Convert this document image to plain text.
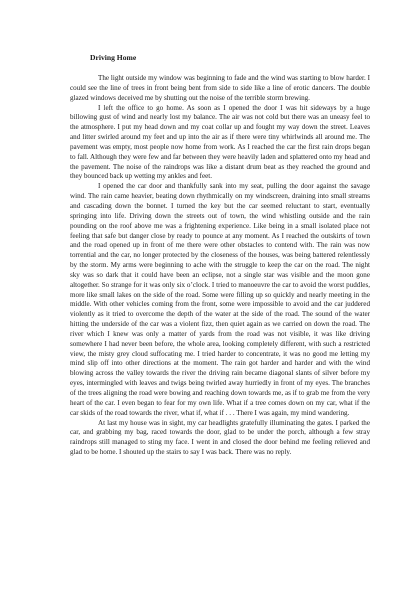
Driving Home

The light outside my window was beginning to fade and the wind was starting to blow harder. I could see the line of trees in front being bent from side to side like a line of erotic dancers. The double glazed windows deceived me by shutting out the noise of the terrible storm brewing.

I left the office to go home. As soon as I opened the door I was hit sideways by a huge billowing gust of wind and nearly lost my balance. The air was not cold but there was an uneasy feel to the atmosphere. I put my head down and my coat collar up and fought my way down the street. Leaves and litter swirled around my feet and up into the air as if there were tiny whirlwinds all around me. The pavement was empty, most people now home from work. As I reached the car the first rain drops began to fall. Although they were few and far between they were heavily laden and splattered onto my head and the pavement. The noise of the raindrops was like a distant drum beat as they reached the ground and they bounced back up wetting my ankles and feet.

I opened the car door and thankfully sank into my seat, pulling the door against the savage wind. The rain came heavier, beating down rhythmically on my windscreen, draining into small streams and cascading down the bonnet. I turned the key but the car seemed reluctant to start, eventually springing into life. Driving down the streets out of town, the wind whistling outside and the rain pounding on the roof above me was a frightening experience. Like being in a small isolated place not feeling that safe but danger close by ready to pounce at any moment. As I reached the outskirts of town and the road opened up in front of me there were other obstacles to contend with. The rain was now torrential and the car, no longer protected by the closeness of the houses, was being battered relentlessly by the storm. My arms were beginning to ache with the struggle to keep the car on the road. The night sky was so dark that it could have been an eclipse, not a single star was visible and the moon gone altogether. So strange for it was only six o’clock. I tried to manoeuvre the car to avoid the worst puddles, more like small lakes on the side of the road. Some were filling up so quickly and nearly meeting in the middle. With other vehicles coming from the front, some were impossible to avoid and the car juddered violently as it tried to overcome the depth of the water at the side of the road. The sound of the water hitting the underside of the car was a violent fizz, then quiet again as we carried on down the road. The river which I knew was only a matter of yards from the road was not visible, it was like driving somewhere I had never been before, the whole area, looking completely different, with such a restricted view, the misty grey cloud suffocating me. I tried harder to concentrate, it was no good me letting my mind slip off into other directions at the moment. The rain got harder and harder and with the wind blowing across the valley towards the river the driving rain became diagonal slants of silver before my eyes, intermingled with leaves and twigs being twirled away hurriedly in front of my eyes. The branches of the trees aligning the road were bowing and reaching down towards me, as if to grab me from the very heart of the car. I even began to fear for my own life. What if a tree comes down on my car, what if the car skids of the road towards the river, what if, what if . . . There I was again, my mind wandering.

At last my house was in sight, my car headlights gratefully illuminating the gates. I parked the car, and grabbing my bag, raced towards the door, glad to be under the porch, although a few stray raindrops still managed to sting my face. I went in and closed the door behind me feeling relieved and glad to be home. I shouted up the stairs to say I was back. There was no reply.
